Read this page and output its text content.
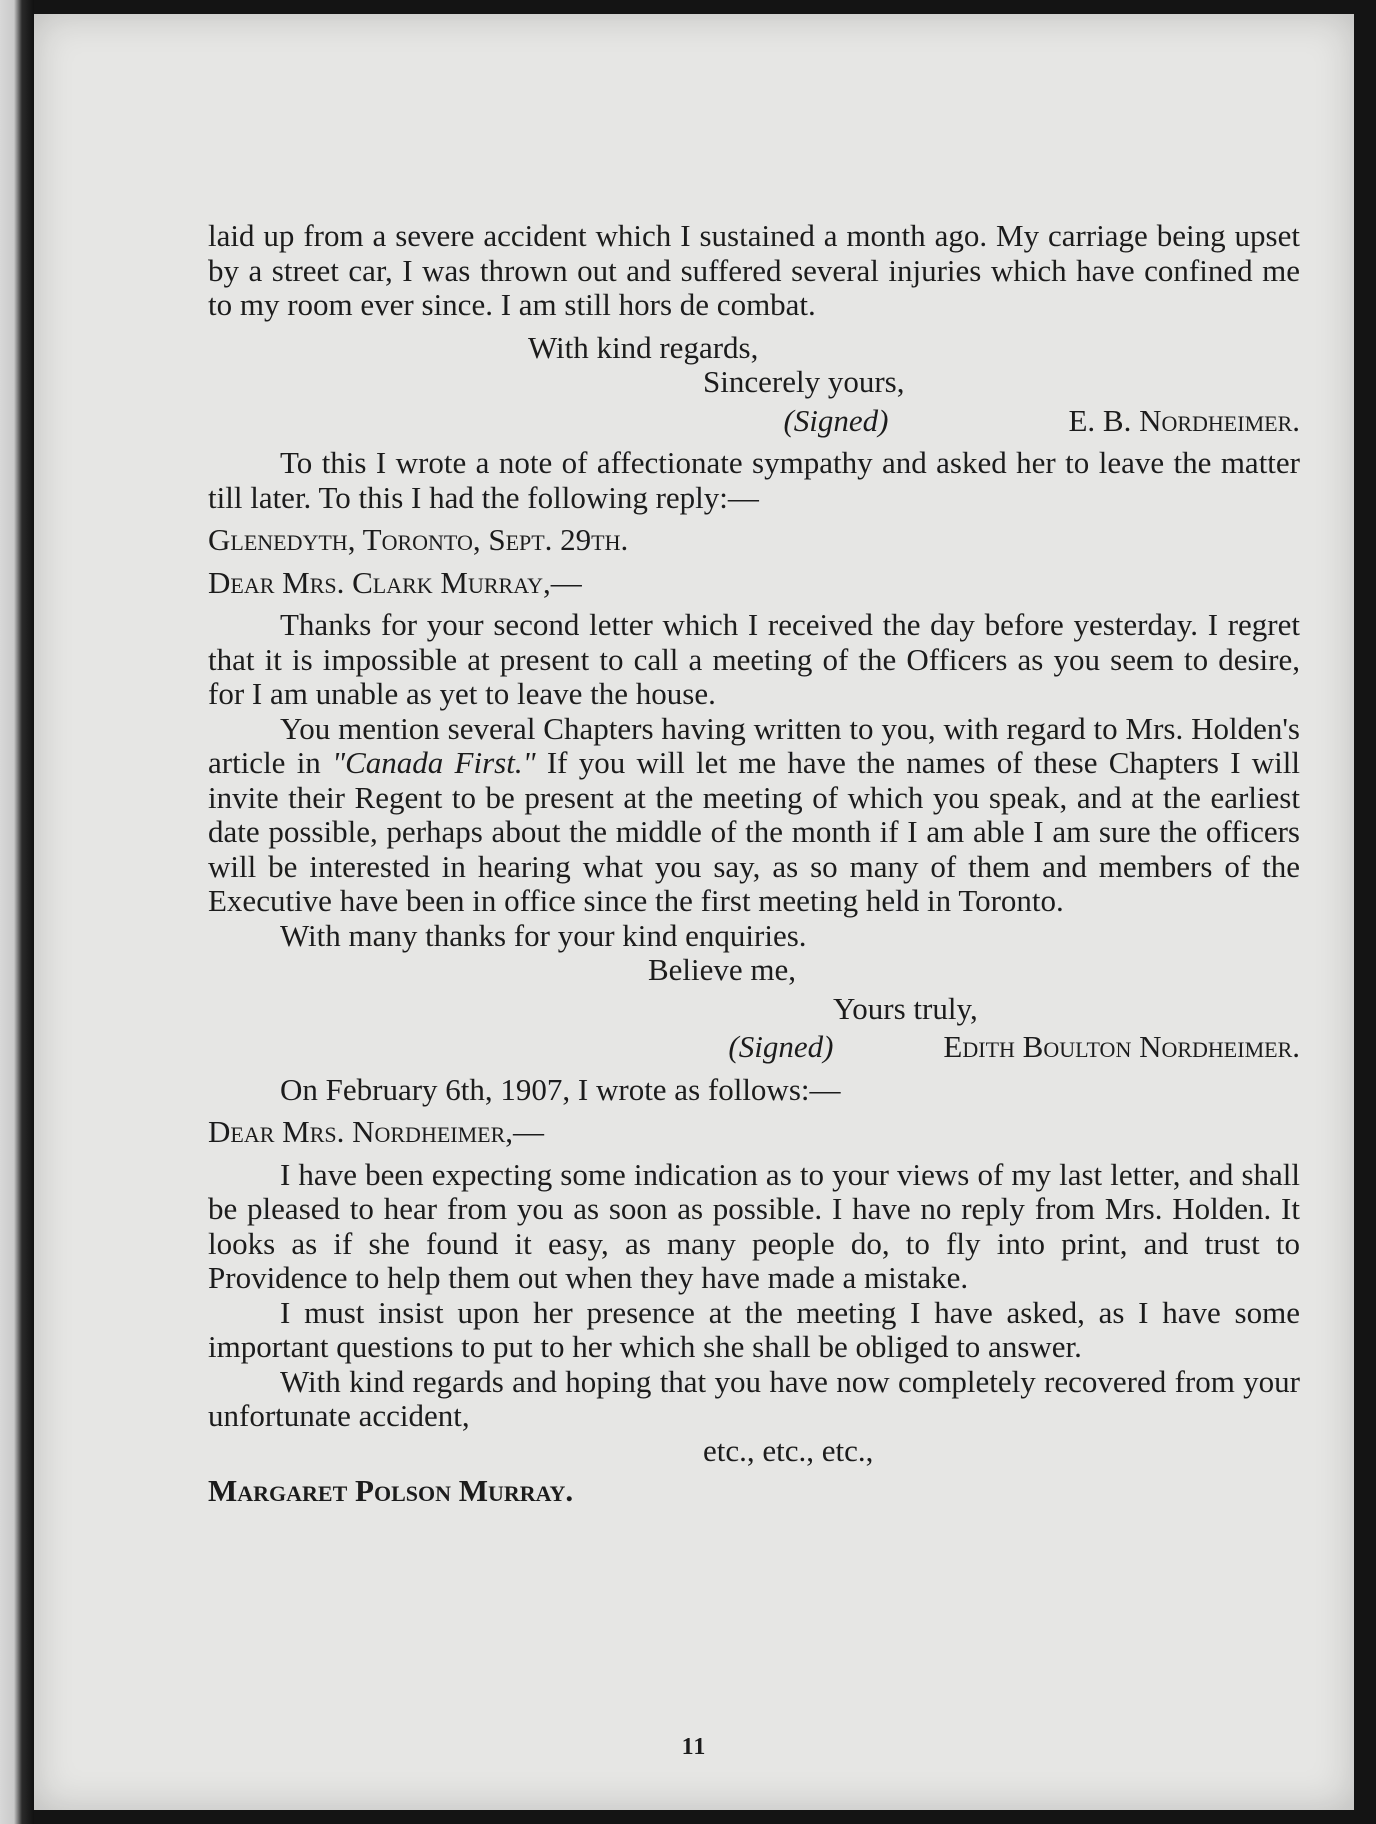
laid up from a severe accident which I sustained a month ago. My carriage being upset by a street car, I was thrown out and suffered several injuries which have confined me to my room ever since. I am still hors de combat.

With kind regards,

Sincerely yours,

(Signed)	E. B. Nordheimer.

To this I wrote a note of affectionate sympathy and asked her to leave the matter till later. To this I had the following reply:—

Glenedyth, Toronto, Sept. 29th.

Dear Mrs. Clark Murray,—

Thanks for your second letter which I received the day before yesterday. I regret that it is impossible at present to call a meeting of the Officers as you seem to desire, for I am unable as yet to leave the house.

You mention several Chapters having written to you, with regard to Mrs. Holden's article in "Canada First." If you will let me have the names of these Chapters I will invite their Regent to be present at the meeting of which you speak, and at the earliest date possible, perhaps about the middle of the month if I am able I am sure the officers will be interested in hearing what you say, as so many of them and members of the Executive have been in office since the first meeting held in Toronto.

With many thanks for your kind enquiries.

Believe me,

Yours truly,

(Signed)	Edith Boulton Nordheimer.

On February 6th, 1907, I wrote as follows:—

Dear Mrs. Nordheimer,—

I have been expecting some indication as to your views of my last letter, and shall be pleased to hear from you as soon as possible. I have no reply from Mrs. Holden. It looks as if she found it easy, as many people do, to fly into print, and trust to Providence to help them out when they have made a mistake.

I must insist upon her presence at the meeting I have asked, as I have some important questions to put to her which she shall be obliged to answer.

With kind regards and hoping that you have now completely recovered from your unfortunate accident,

etc., etc., etc.,

Margaret Polson Murray.

11
